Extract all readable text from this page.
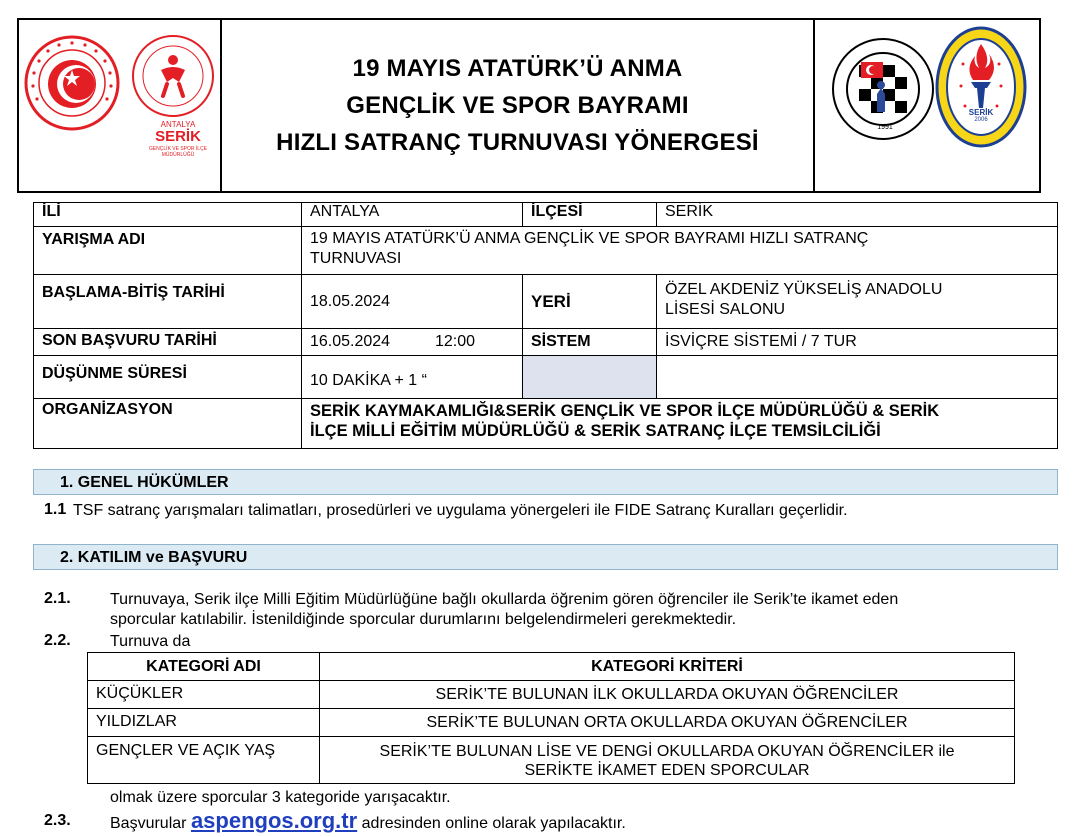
ANTALYA
SERİK
GENÇLİK VE SPOR İLÇE MÜDÜRLÜĞÜ
19 MAYIS ATATÜRK’Ü ANMA
GENÇLİK VE SPOR BAYRAMI
HIZLI SATRANÇ TURNUVASI YÖNERGESİ
1991
SERİK
2006
İLİ	ANTALYA	İLÇESİ	SERİK
YARIŞMA ADI	19 MAYIS ATATÜRK’Ü ANMA GENÇLİK VE SPOR BAYRAMI HIZLI SATRANÇ
TURNUVASI		

BAŞLAMA-BİTİŞ TARİHİ	18.05.2024	YERİ	ÖZEL AKDENİZ YÜKSELİŞ ANADOLU
LİSESİ SALONU

SON BAŞVURU TARİHİ	16.05.2024 12:00	SİSTEM	İSVİÇRE SİSTEMİ / 7 TUR
DÜŞÜNME SÜRESİ	10 DAKİKA + 1 “		
ORGANİZASYON	SERİK KAYMAKAMLIĞI&SERİK GENÇLİK VE SPOR İLÇE MÜDÜRLÜĞÜ & SERİK
İLÇE MİLLİ EĞİTİM MÜDÜRLÜĞÜ & SERİK SATRANÇ İLÇE TEMSİLCİLİĞİ		
1. GENEL HÜKÜMLER
1.1 TSF satranç yarışmaları talimatları, prosedürleri ve uygulama yönergeleri ile FIDE Satranç Kuralları geçerlidir.
2. KATILIM ve BAŞVURU
2.1. Turnuvaya, Serik ilçe Milli Eğitim Müdürlüğüne bağlı okullarda öğrenim gören öğrenciler ile Serik’te ikamet eden
sporcular katılabilir. İstenildiğinde sporcular durumlarını belgelendirmeleri gerekmektedir.
2.2. Turnuva da
KATEGORİ ADI	KATEGORİ KRİTERİ
KÜÇÜKLER	SERİK’TE BULUNAN İLK OKULLARDA OKUYAN ÖĞRENCİLER
YILDIZLAR	SERİK’TE BULUNAN ORTA OKULLARDA OKUYAN ÖĞRENCİLER
GENÇLER VE AÇIK YAŞ	SERİK’TE BULUNAN LİSE VE DENGİ OKULLARDA OKUYAN ÖĞRENCİLER ile
SERİKTE İKAMET EDEN SPORCULAR
olmak üzere sporcular 3 kategoride yarışacaktır.
2.3. Başvurular aspengos.org.tr adresinden online olarak yapılacaktır.
